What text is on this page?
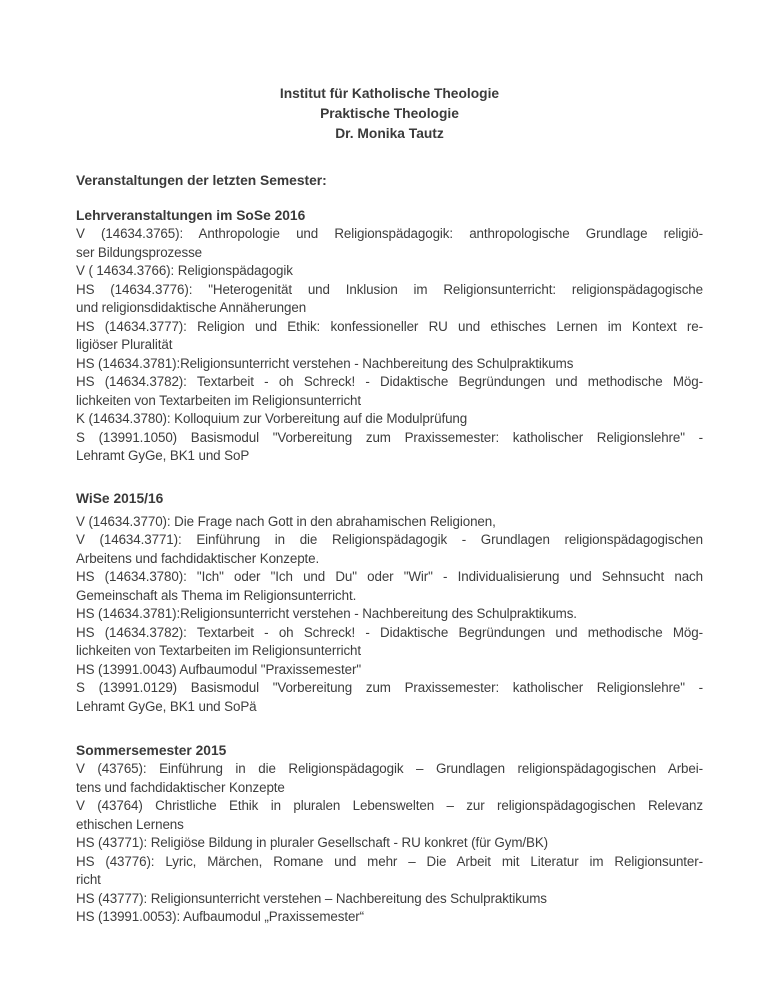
Institut für Katholische Theologie
Praktische Theologie
Dr. Monika Tautz
Veranstaltungen der letzten Semester:
Lehrveranstaltungen im SoSe 2016
V (14634.3765): Anthropologie und Religionspädagogik: anthropologische Grundlage religiö-
ser Bildungsprozesse
V ( 14634.3766): Religionspädagogik
HS (14634.3776): "Heterogenität und Inklusion im Religionsunterricht: religionspädagogische
und religionsdidaktische Annäherungen
HS (14634.3777): Religion und Ethik: konfessioneller RU und ethisches Lernen im Kontext re-
ligiöser Pluralität
HS (14634.3781):Religionsunterricht verstehen - Nachbereitung des Schulpraktikums
HS (14634.3782): Textarbeit - oh Schreck! - Didaktische Begründungen und methodische Mög-
lichkeiten von Textarbeiten im Religionsunterricht
K (14634.3780): Kolloquium zur Vorbereitung auf die Modulprüfung
S (13991.1050) Basismodul "Vorbereitung zum Praxissemester: katholischer Religionslehre" -
Lehramt GyGe, BK1 und SoP
WiSe 2015/16
V (14634.3770): Die Frage nach Gott in den abrahamischen Religionen,
V (14634.3771): Einführung in die Religionspädagogik - Grundlagen religionspädagogischen
Arbeitens und fachdidaktischer Konzepte.
HS (14634.3780): "Ich" oder "Ich und Du" oder "Wir" - Individualisierung und Sehnsucht nach
Gemeinschaft als Thema im Religionsunterricht.
HS (14634.3781):Religionsunterricht verstehen - Nachbereitung des Schulpraktikums.
HS (14634.3782): Textarbeit - oh Schreck! - Didaktische Begründungen und methodische Mög-
lichkeiten von Textarbeiten im Religionsunterricht
HS (13991.0043) Aufbaumodul "Praxissemester"
S (13991.0129) Basismodul "Vorbereitung zum Praxissemester: katholischer Religionslehre" -
Lehramt GyGe, BK1 und SoPä
Sommersemester 2015
V (43765): Einführung in die Religionspädagogik – Grundlagen religionspädagogischen Arbei-
tens und fachdidaktischer Konzepte
V (43764) Christliche Ethik in pluralen Lebenswelten – zur religionspädagogischen Relevanz
ethischen Lernens
HS (43771): Religiöse Bildung in pluraler Gesellschaft - RU konkret (für Gym/BK)
HS (43776): Lyric, Märchen, Romane und mehr – Die Arbeit mit Literatur im Religionsunter-
richt
HS (43777): Religionsunterricht verstehen – Nachbereitung des Schulpraktikums
HS (13991.0053): Aufbaumodul „Praxissemester“
